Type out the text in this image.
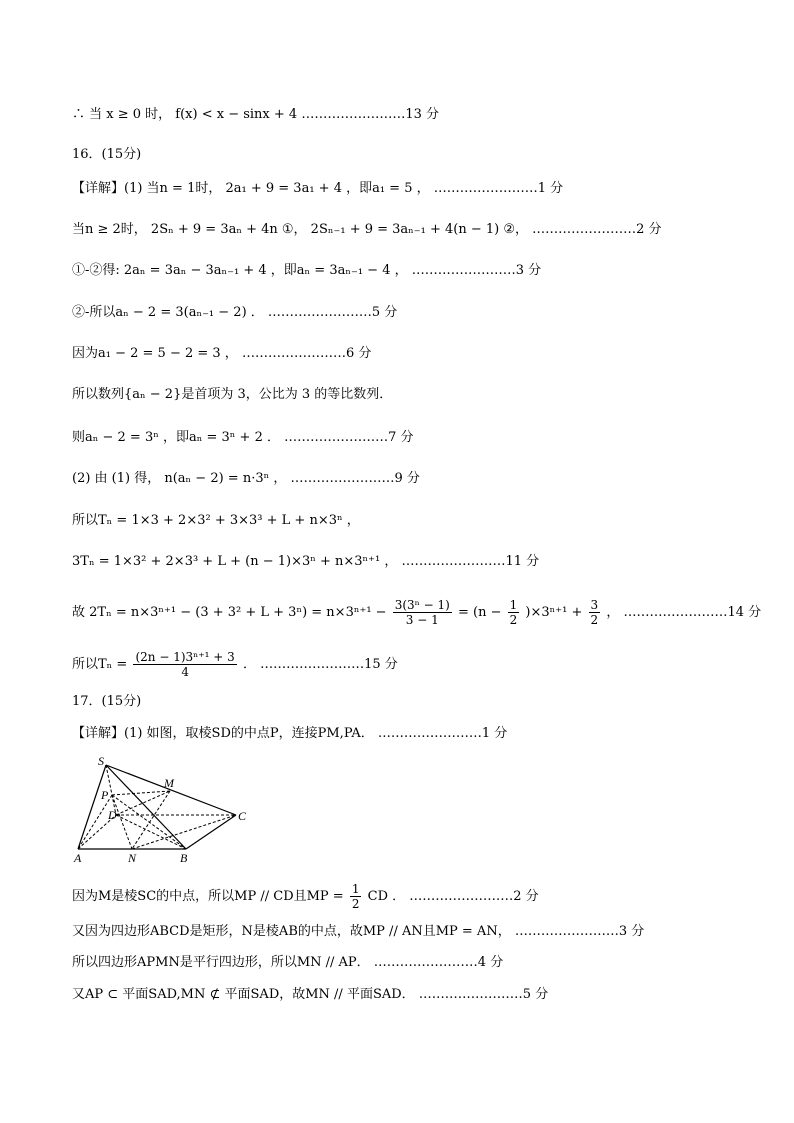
∴ 当 x ≥ 0 时， f(x) < x − sinx + 4 ……………………13 分
16．(15分)
【详解】(1) 当n = 1时， 2a₁ + 9 = 3a₁ + 4 ，即a₁ = 5 ， ……………………1 分
当n ≥ 2时， 2Sₙ + 9 = 3aₙ + 4n ①， 2Sₙ₋₁ + 9 = 3aₙ₋₁ + 4(n − 1) ②， ……………………2 分
①-②得: 2aₙ = 3aₙ − 3aₙ₋₁ + 4 ，即aₙ = 3aₙ₋₁ − 4 ， ……………………3 分
②-所以aₙ − 2 = 3(aₙ₋₁ − 2) ． ……………………5 分
因为a₁ − 2 = 5 − 2 = 3 ， ……………………6 分
所以数列{aₙ − 2}是首项为 3，公比为 3 的等比数列．
则aₙ − 2 = 3ⁿ ，即aₙ = 3ⁿ + 2 ． ……………………7 分
(2) 由 (1) 得， n(aₙ − 2) = n·3ⁿ ， ……………………9 分
所以Tₙ = 1×3 + 2×3² + 3×3³ + L + n×3ⁿ ，
3Tₙ = 1×3² + 2×3³ + L + (n − 1)×3ⁿ + n×3ⁿ⁺¹ ， ……………………11 分
故 $2T_n = n\times 3^{n+1} - (3 + 3^2 + L + 3^n) = n\times 3^{n+1} - \frac{\text{3(3ⁿ − 1)}}{3 - 1} = (n - \frac{1}{2} )\times 3^{n+1} + \frac{3}{2}$ ， ……………………14 分
所以$T_n = \frac{\text{(2n − 1)3ⁿ⁺¹ + 3}}{4}$ ． ……………………15 分
17．(15分)
【详解】(1) 如图，取棱SD的中点P，连接PM,PA． ……………………1 分
S
M
P
D	C
A	N	B
因为M是棱SC的中点，所以MP // CD且MP = $\frac{1}{2}$ CD ． ……………………2 分
又因为四边形ABCD是矩形，N是棱AB的中点，故MP // AN且MP = AN， ……………………3 分
所以四边形APMN是平行四边形，所以MN // AP． ……………………4 分
又AP ⊂ 平面SAD,MN ⊄ 平面SAD，故MN // 平面SAD． ……………………5 分
